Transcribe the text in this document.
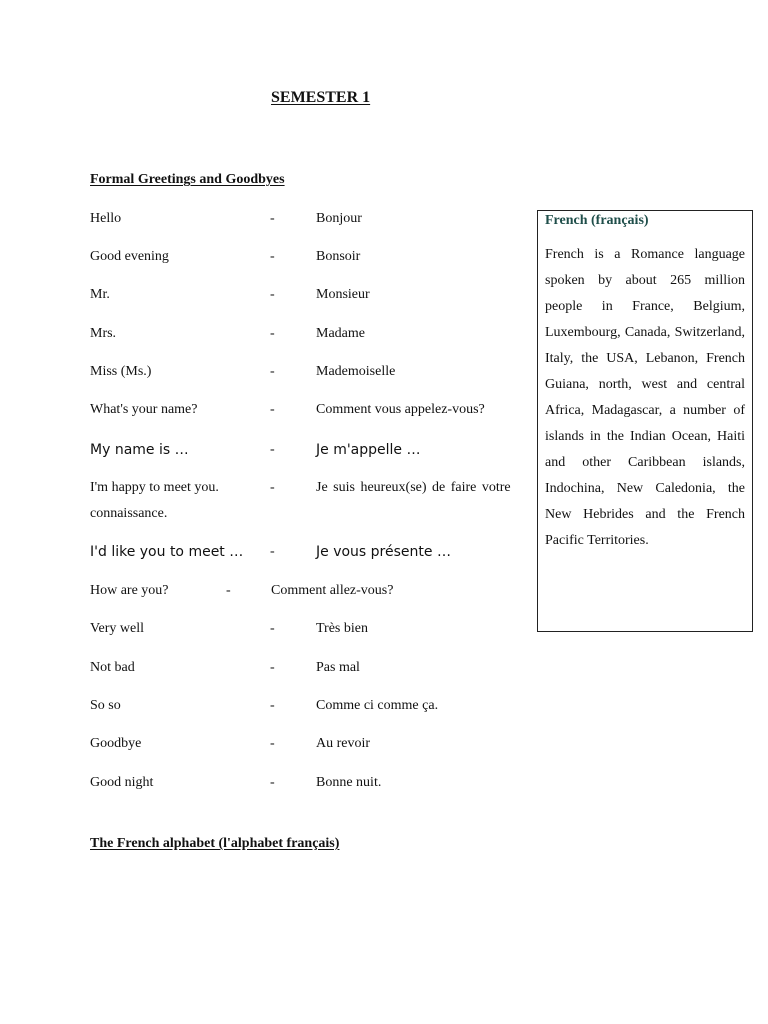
SEMESTER 1
Formal Greetings and Goodbyes
Hello	-	Bonjour
Good evening	-	Bonsoir
Mr.	-	Monsieur
Mrs.	-	Madame
Miss (Ms.)	-	Mademoiselle
What's your name?	-	Comment vous appelez-vous?
My name is …	-	Je m'appelle …
I'm happy to meet you.	-	Je suis heureux(se) de faire votre
connaissance.
I'd like you to meet … -	Je vous présente …
How are you?	-	Comment allez-vous?
Very well	-	Très bien
Not bad	-	Pas mal
So so	-	Comme ci comme ça.
Goodbye	-	Au revoir
Good night	-	Bonne nuit.
French (français)
French is a Romance language spoken by about 265 million people in France, Belgium, Luxembourg, Canada, Switzerland, Italy, the USA, Lebanon, French Guiana, north, west and central Africa, Madagascar, a number of islands in the Indian Ocean, Haiti and other Caribbean islands, Indochina, New Caledonia, the New Hebrides and the French Pacific Territories.
The French alphabet (l'alphabet français)
